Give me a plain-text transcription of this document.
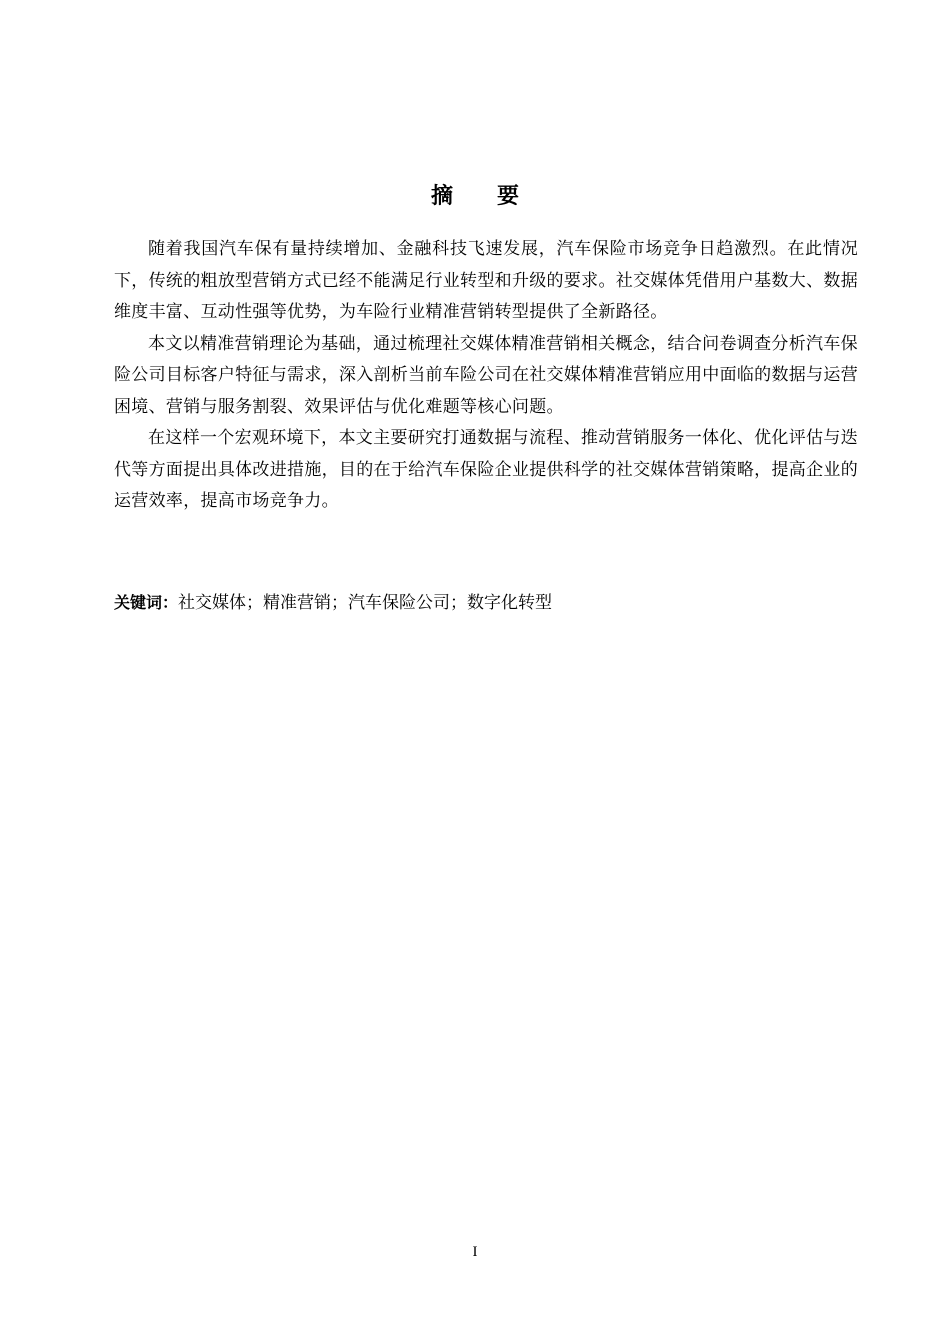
摘要

随着我国汽车保有量持续增加、金融科技飞速发展，汽车保险市场竞争日趋激烈。在此情况下，传统的粗放型营销方式已经不能满足行业转型和升级的要求。社交媒体凭借用户基数大、数据维度丰富、互动性强等优势，为车险行业精准营销转型提供了全新路径。

本文以精准营销理论为基础，通过梳理社交媒体精准营销相关概念，结合问卷调查分析汽车保险公司目标客户特征与需求，深入剖析当前车险公司在社交媒体精准营销应用中面临的数据与运营困境、营销与服务割裂、效果评估与优化难题等核心问题。

在这样一个宏观环境下，本文主要研究打通数据与流程、推动营销服务一体化、优化评估与迭代等方面提出具体改进措施，目的在于给汽车保险企业提供科学的社交媒体营销策略，提高企业的运营效率，提高市场竞争力。

关键词：社交媒体；精准营销；汽车保险公司；数字化转型
I
